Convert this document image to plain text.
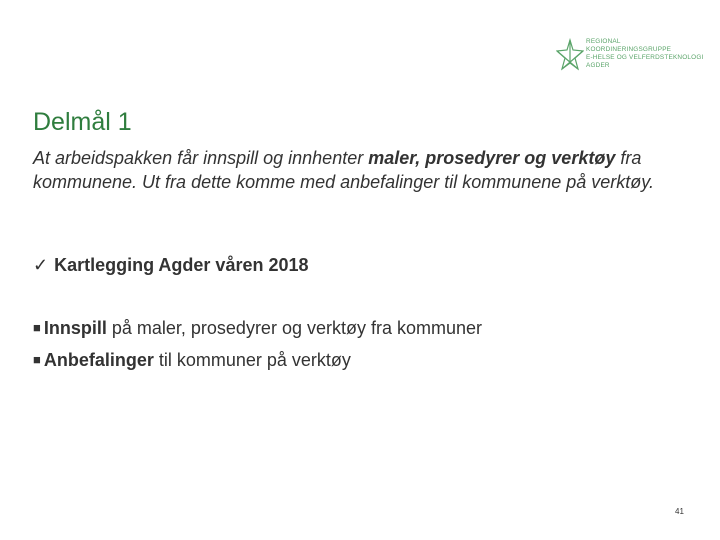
REGIONAL
KOORDINERINGSGRUPPE
E-HELSE OG VELFERDSTEKNOLOGI
AGDER
Delmål 1
At arbeidspakken får innspill og innhenter maler, prosedyrer og verktøy fra kommunene. Ut fra dette komme med anbefalinger til kommunene på verktøy.
✓ Kartlegging Agder våren 2018
■ Innspill på maler, prosedyrer og verktøy fra kommuner
■ Anbefalinger til kommuner på verktøy
41
